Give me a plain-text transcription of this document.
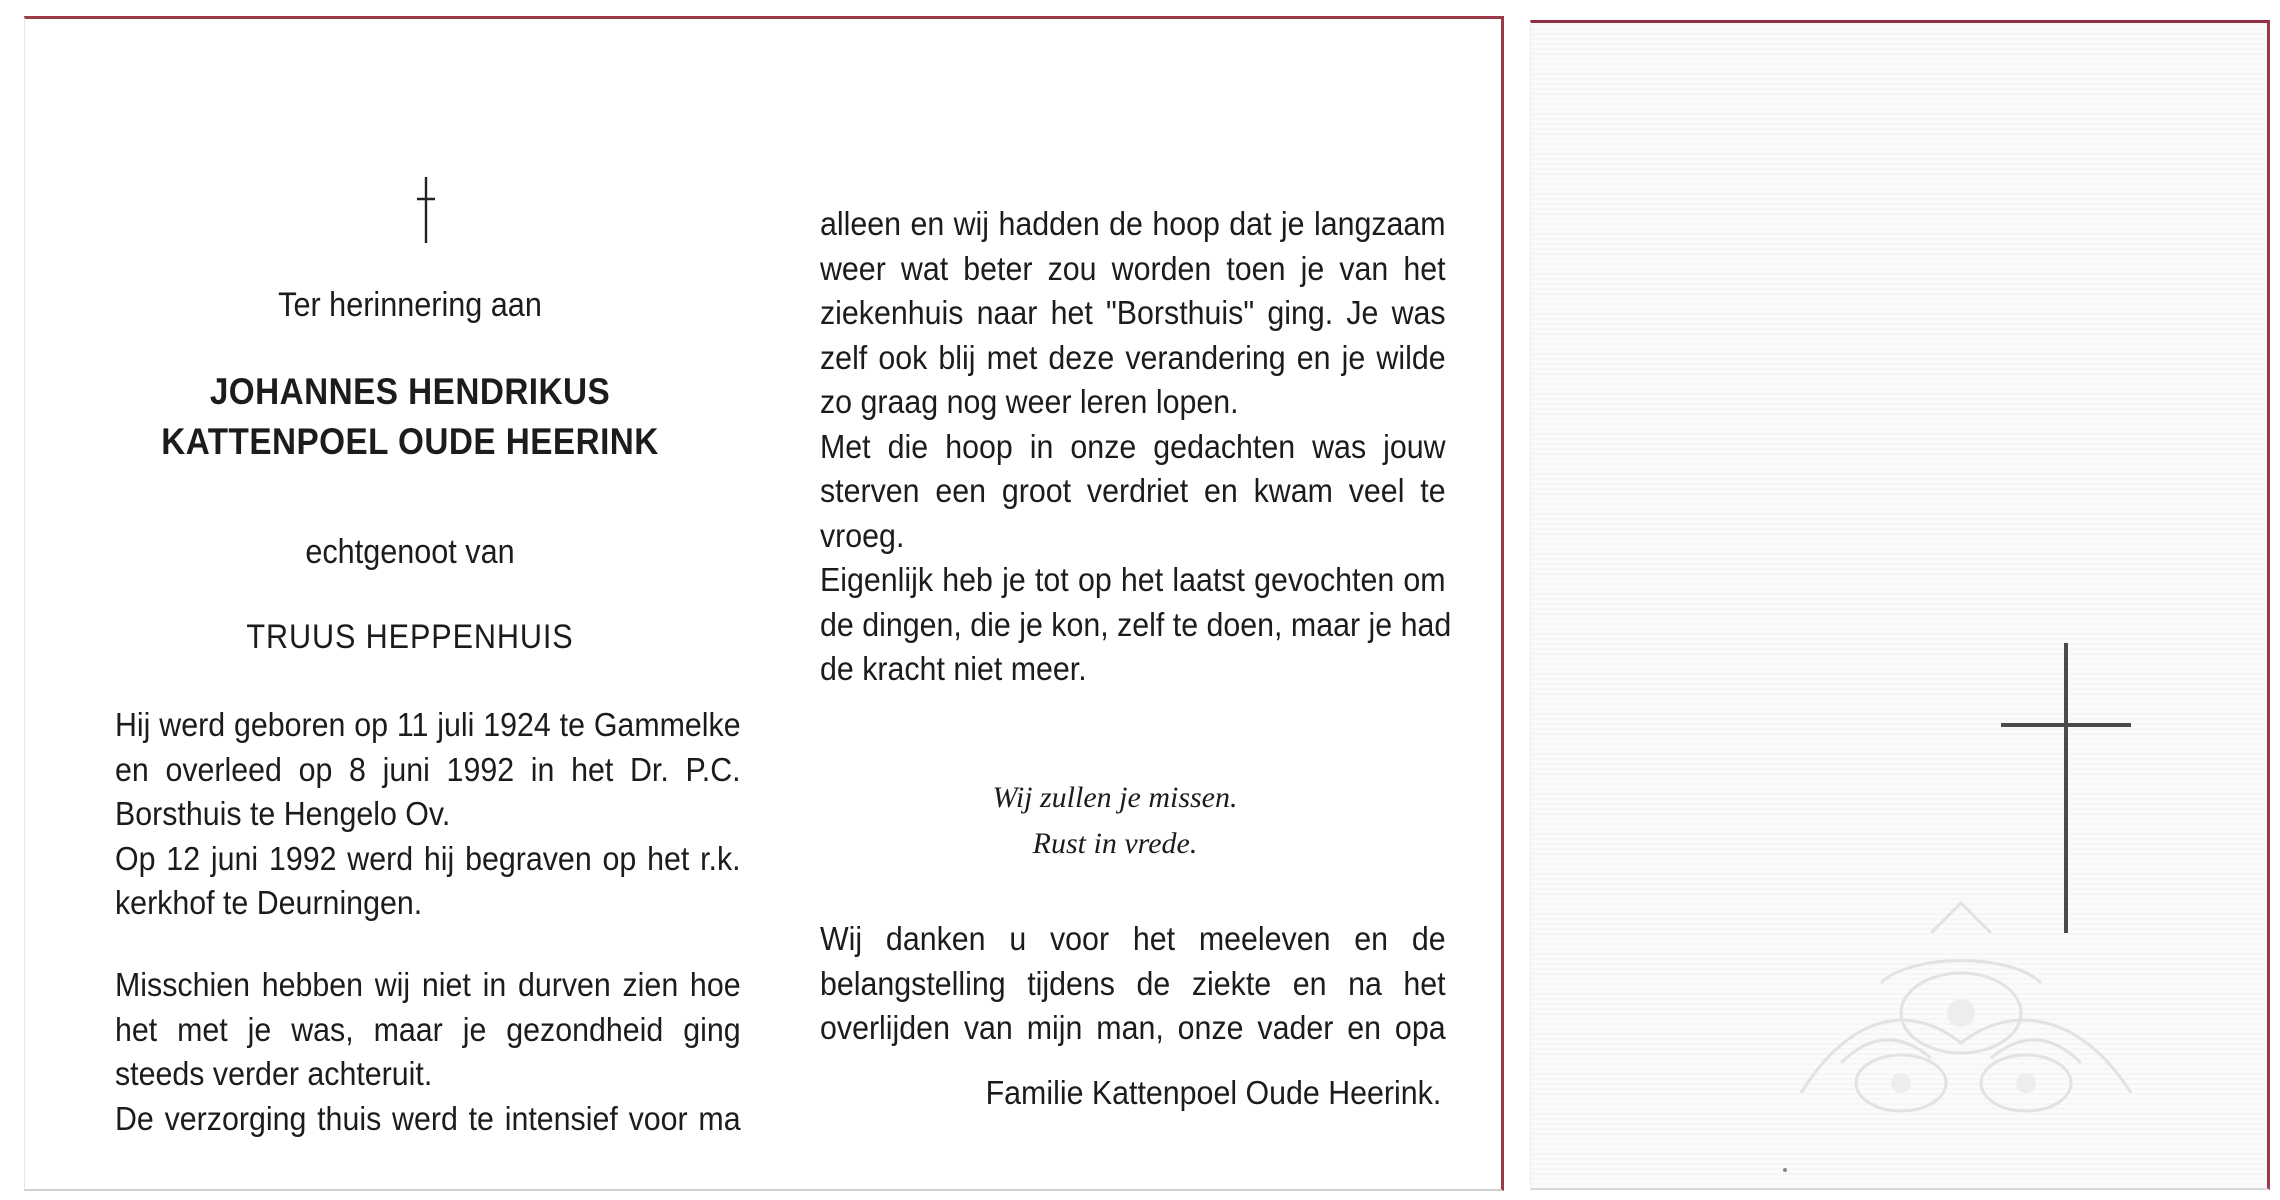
Ter herinnering aan
JOHANNES HENDRIKUS
KATTENPOEL OUDE HEERINK
echtgenoot van
TRUUS HEPPENHUIS
Hij werd geboren op 11 juli 1924 te Gammelke
en overleed op 8 juni 1992 in het Dr. P.C.
Borsthuis te Hengelo Ov.
Op 12 juni 1992 werd hij begraven op het r.k.
kerkhof te Deurningen.
Misschien hebben wij niet in durven zien hoe
het met je was, maar je gezondheid ging
steeds verder achteruit.
De verzorging thuis werd te intensief voor ma
alleen en wij hadden de hoop dat je langzaam
weer wat beter zou worden toen je van het
ziekenhuis naar het "Borsthuis" ging. Je was
zelf ook blij met deze verandering en je wilde
zo graag nog weer leren lopen.
Met die hoop in onze gedachten was jouw
sterven een groot verdriet en kwam veel te
vroeg.
Eigenlijk heb je tot op het laatst gevochten om
de dingen, die je kon, zelf te doen, maar je had
de kracht niet meer.
Wij zullen je missen.
Rust in vrede.
Wij danken u voor het meeleven en de
belangstelling tijdens de ziekte en na het
overlijden van mijn man, onze vader en opa
Familie Kattenpoel Oude Heerink.
